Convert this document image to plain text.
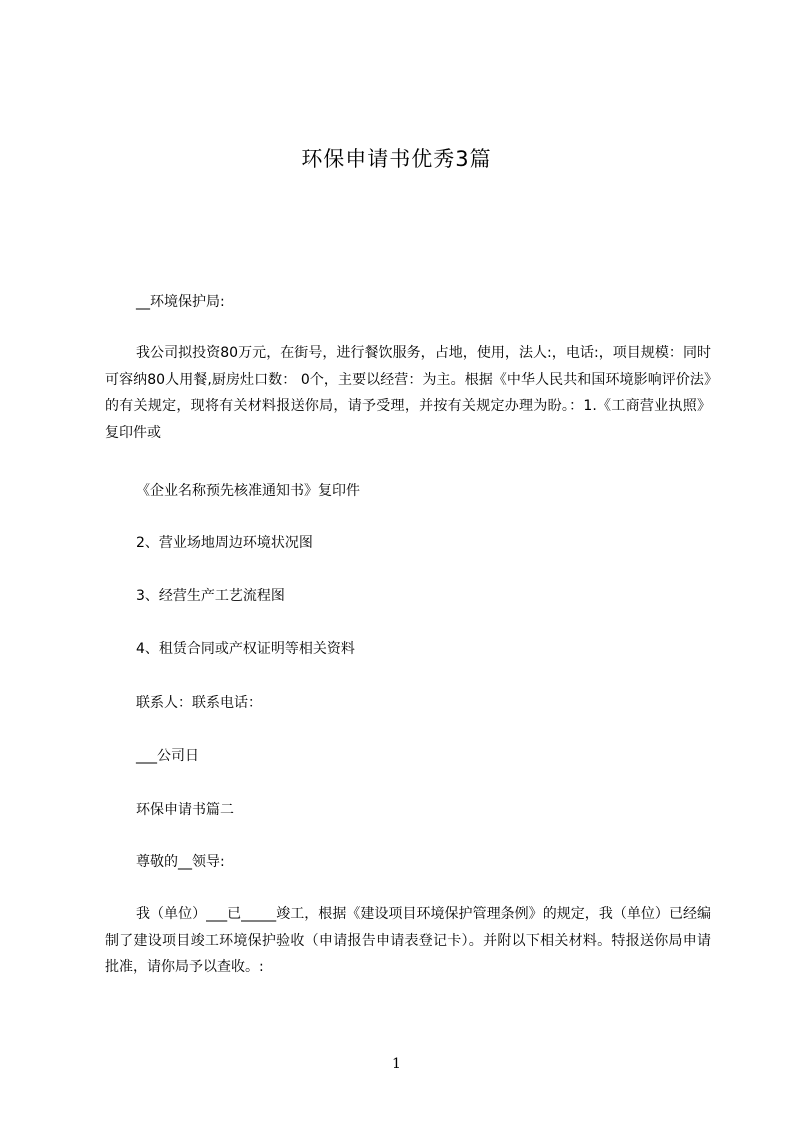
环保申请书优秀3篇
__环境保护局:
我公司拟投资80万元，在街号，进行餐饮服务，占地，使用，法人:，电话:，项目规模：同时可容纳80人用餐,厨房灶口数： 0个，主要以经营：为主。根据《中华人民共和国环境影响评价法》的有关规定，现将有关材料报送你局，请予受理，并按有关规定办理为盼。：1.《工商营业执照》复印件或
《企业名称预先核准通知书》复印件
2、营业场地周边环境状况图
3、经营生产工艺流程图
4、租赁合同或产权证明等相关资料
联系人：联系电话：
___公司日
环保申请书篇二
尊敬的__领导:
我（单位）___已_____竣工，根据《建设项目环境保护管理条例》的规定，我（单位）已经编制了建设项目竣工环境保护验收（申请报告申请表登记卡）。并附以下相关材料。特报送你局申请批准，请你局予以查收。:
1
